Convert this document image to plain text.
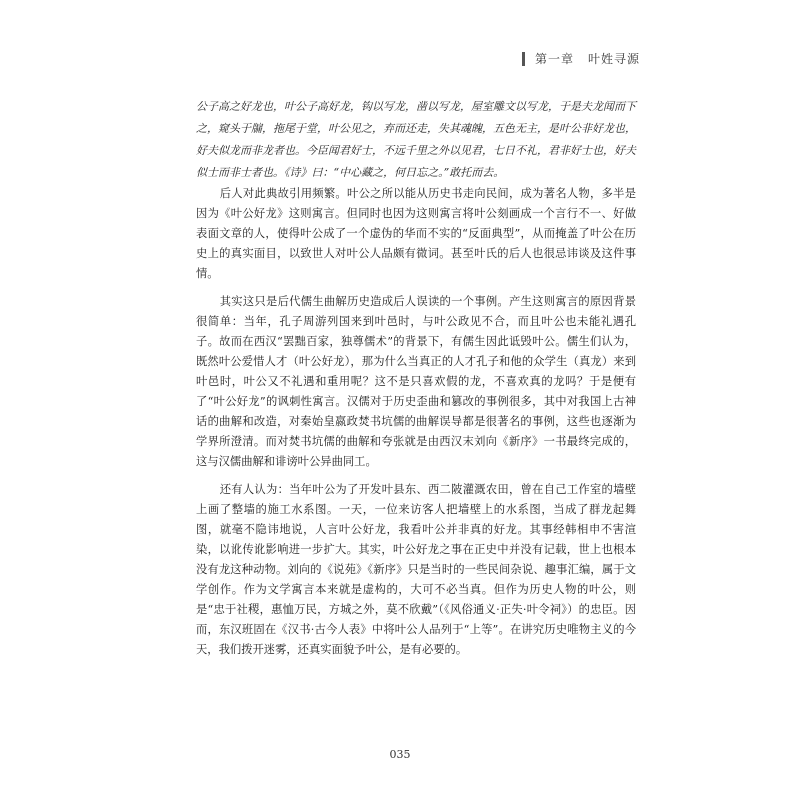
第一章 叶姓寻源
公子高之好龙也，叶公子高好龙，钩以写龙，凿以写龙，屋室雕文以写龙，于是夫龙闻而下之，窥头于牖，拖尾于堂，叶公见之，弃而还走，失其魂魄，五色无主，是叶公非好龙也，好夫似龙而非龙者也。今臣闻君好士，不远千里之外以见君，七日不礼，君非好士也，好夫似士而非士者也。《诗》曰：“中心藏之，何日忘之。”敢托而去。

后人对此典故引用频繁。叶公之所以能从历史书走向民间，成为著名人物，多半是因为《叶公好龙》这则寓言。但同时也因为这则寓言将叶公刻画成一个言行不一、好做表面文章的人，使得叶公成了一个虚伪的华而不实的“反面典型”，从而掩盖了叶公在历史上的真实面目，以致世人对叶公人品颇有微词。甚至叶氏的后人也很忌讳谈及这件事情。

其实这只是后代儒生曲解历史造成后人误读的一个事例。产生这则寓言的原因背景很简单：当年，孔子周游列国来到叶邑时，与叶公政见不合，而且叶公也未能礼遇孔子。故而在西汉“罢黜百家，独尊儒术”的背景下，有儒生因此诋毁叶公。儒生们认为，既然叶公爱惜人才（叶公好龙），那为什么当真正的人才孔子和他的众学生（真龙）来到叶邑时，叶公又不礼遇和重用呢？这不是只喜欢假的龙，不喜欢真的龙吗？于是便有了“叶公好龙”的讽刺性寓言。汉儒对于历史歪曲和篡改的事例很多，其中对我国上古神话的曲解和改造，对秦始皇嬴政焚书坑儒的曲解误导都是很著名的事例，这些也逐渐为学界所澄清。而对焚书坑儒的曲解和夸张就是由西汉末刘向《新序》一书最终完成的，这与汉儒曲解和诽谤叶公异曲同工。

还有人认为：当年叶公为了开发叶县东、西二陂灌溉农田，曾在自己工作室的墙壁上画了整墙的施工水系图。一天，一位来访客人把墙壁上的水系图，当成了群龙起舞图，就毫不隐讳地说，人言叶公好龙，我看叶公并非真的好龙。其事经韩相申不害渲染，以讹传讹影响进一步扩大。其实，叶公好龙之事在正史中并没有记载，世上也根本没有龙这种动物。刘向的《说苑》《新序》只是当时的一些民间杂说、趣事汇编，属于文学创作。作为文学寓言本来就是虚构的，大可不必当真。但作为历史人物的叶公，则是“忠于社稷，惠恤万民，方城之外，莫不欣戴”（《风俗通义·正失·叶令祠》）的忠臣。因而，东汉班固在《汉书·古今人表》中将叶公人品列于“上等”。在讲究历史唯物主义的今天，我们拨开迷雾，还真实面貌予叶公，是有必要的。

035
